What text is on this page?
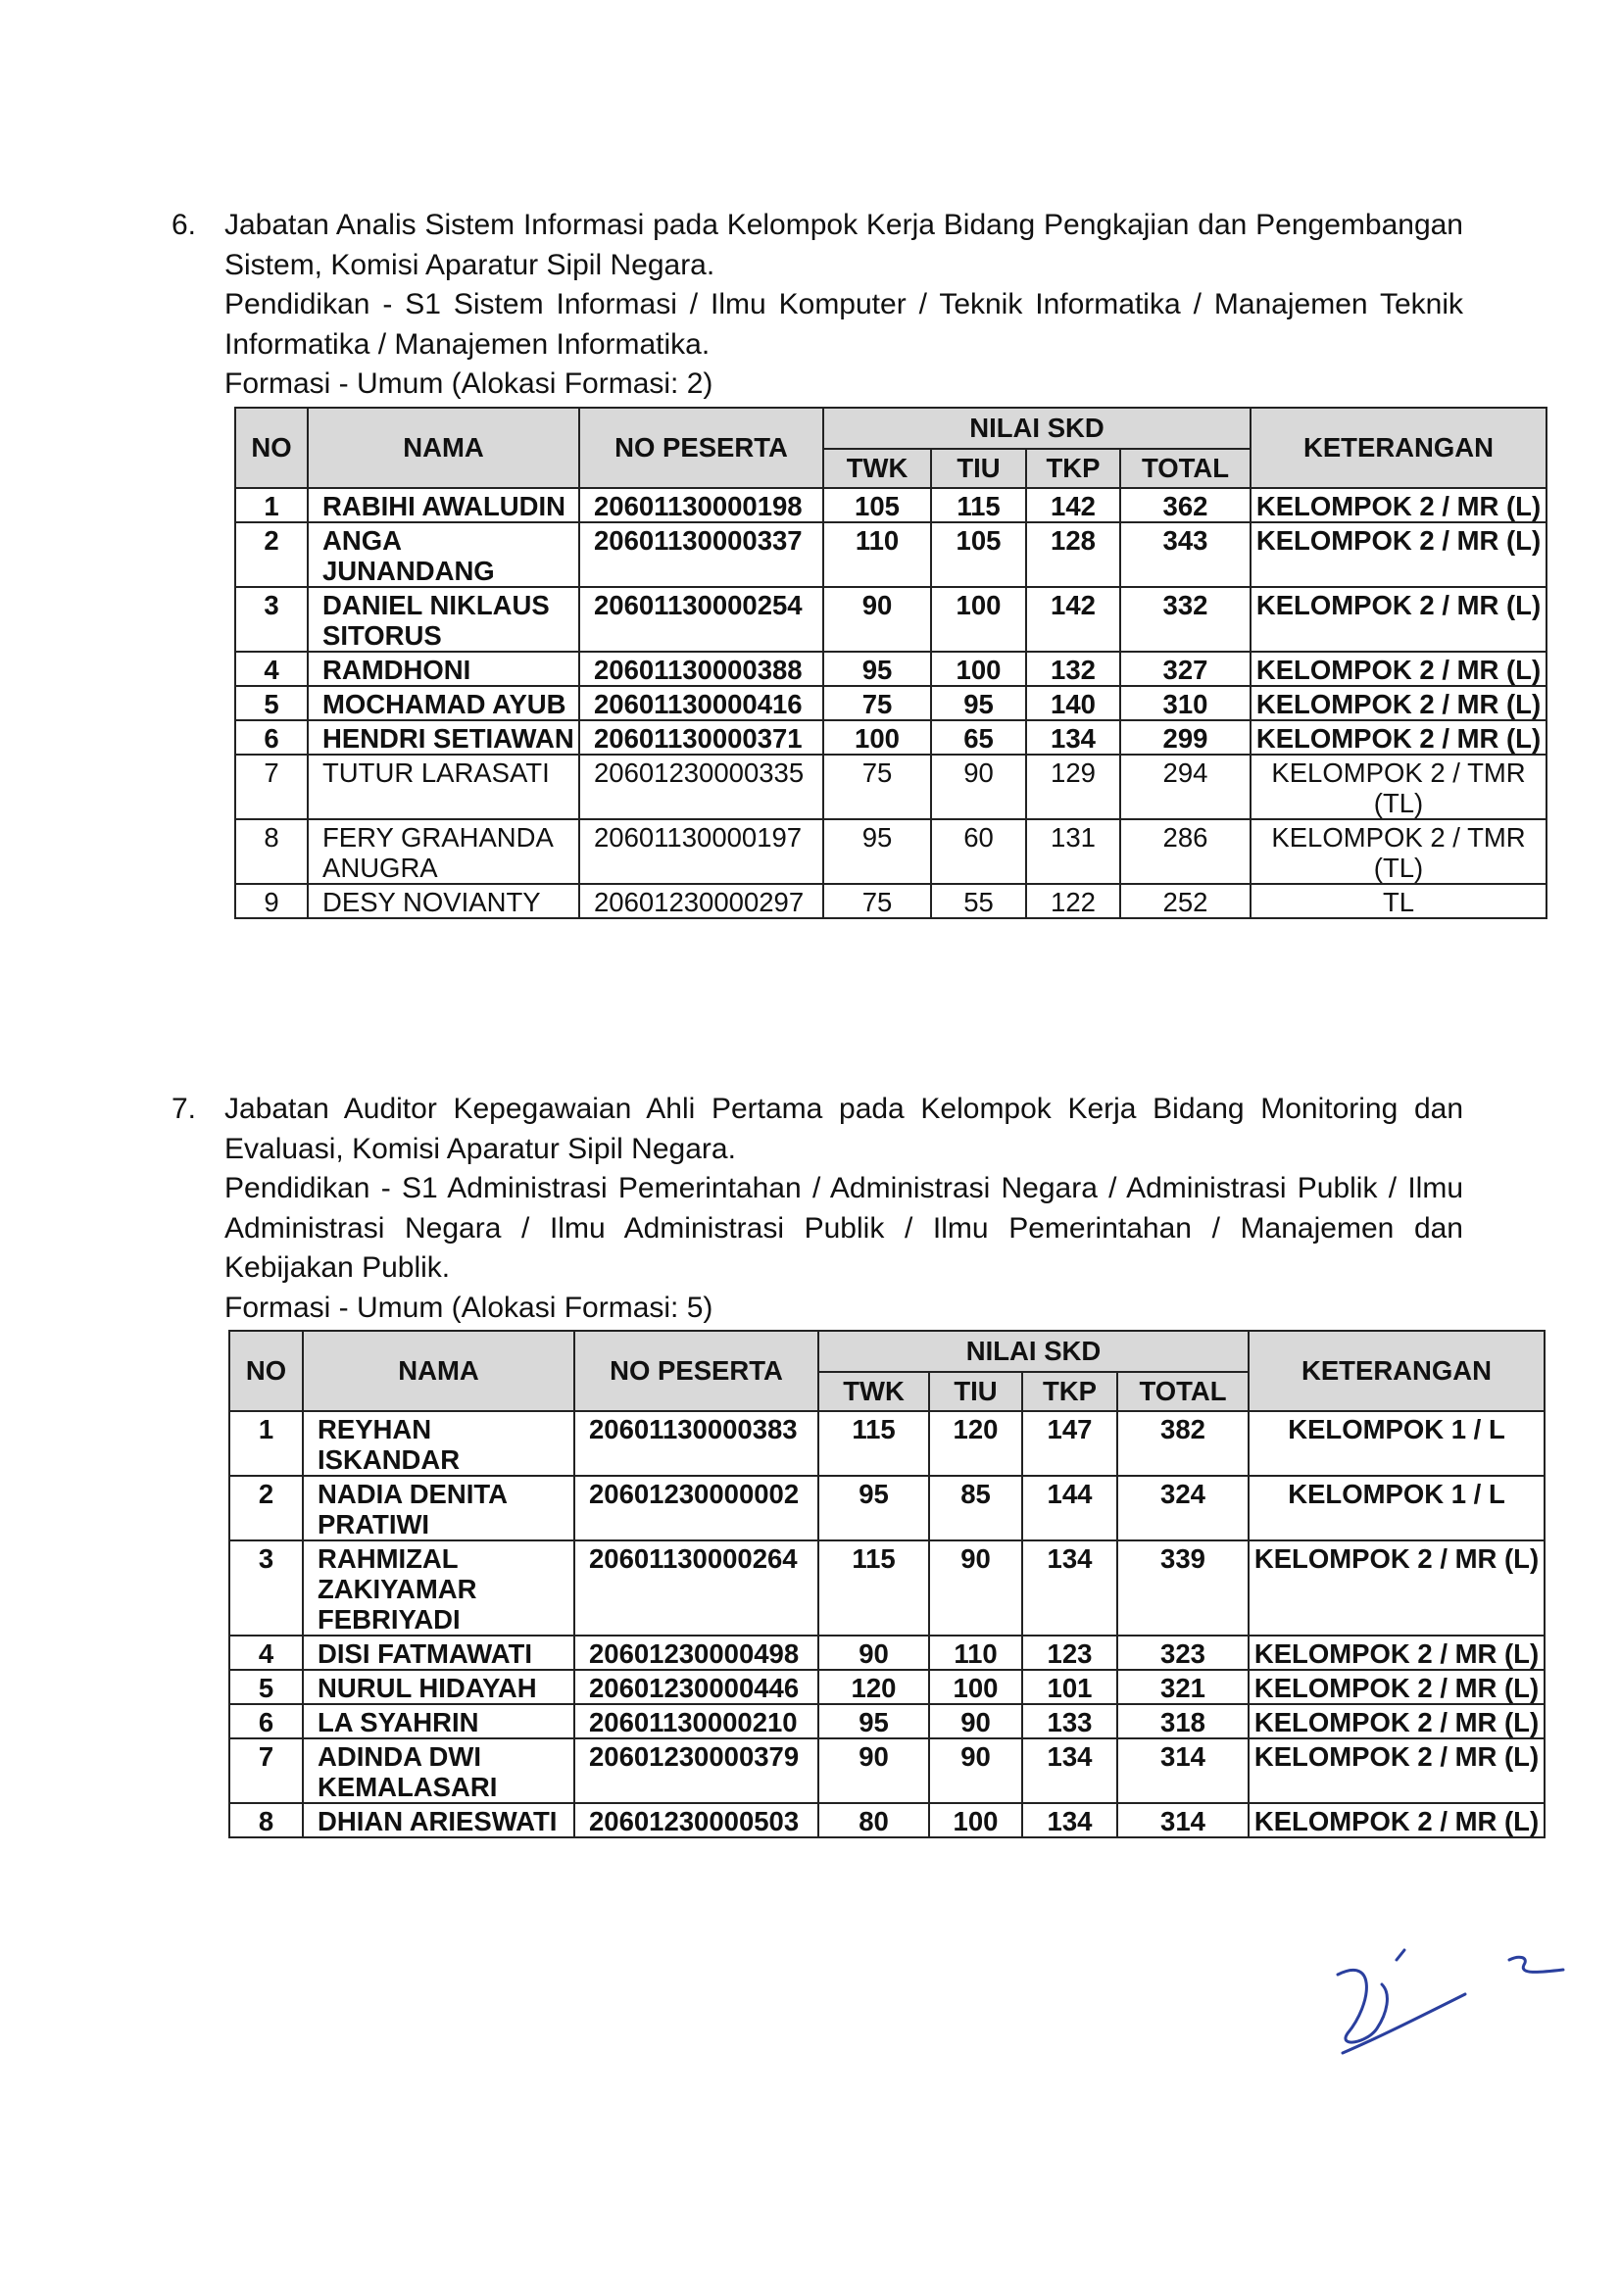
6. Jabatan Analis Sistem Informasi pada Kelompok Kerja Bidang Pengkajian dan Pengembangan Sistem, Komisi Aparatur Sipil Negara.

Pendidikan - S1 Sistem Informasi / Ilmu Komputer / Teknik Informatika / Manajemen Teknik Informatika / Manajemen Informatika.

Formasi - Umum (Alokasi Formasi: 2)

NO	NAMA	NO PESERTA	NILAI SKD				KETERANGAN
			TWK	TIU	TKP	TOTAL	
1	RABIHI AWALUDIN	20601130000198	105	115	142	362	KELOMPOK 2 / MR (L)
2	ANGA JUNANDANG	20601130000337	110	105	128	343	KELOMPOK 2 / MR (L)
3	DANIEL NIKLAUS SITORUS	20601130000254	90	100	142	332	KELOMPOK 2 / MR (L)
4	RAMDHONI	20601130000388	95	100	132	327	KELOMPOK 2 / MR (L)
5	MOCHAMAD AYUB	20601130000416	75	95	140	310	KELOMPOK 2 / MR (L)
6	HENDRI SETIAWAN	20601130000371	100	65	134	299	KELOMPOK 2 / MR (L)
7	TUTUR LARASATI	20601230000335	75	90	129	294	KELOMPOK 2 / TMR (TL)
8	FERY GRAHANDA ANUGRA	20601130000197	95	60	131	286	KELOMPOK 2 / TMR (TL)
9	DESY NOVIANTY	20601230000297	75	55	122	252	TL
7. Jabatan Auditor Kepegawaian Ahli Pertama pada Kelompok Kerja Bidang Monitoring dan Evaluasi, Komisi Aparatur Sipil Negara.

Pendidikan - S1 Administrasi Pemerintahan / Administrasi Negara / Administrasi Publik / Ilmu Administrasi Negara / Ilmu Administrasi Publik / Ilmu Pemerintahan / Manajemen dan Kebijakan Publik.

Formasi - Umum (Alokasi Formasi: 5)

NO	NAMA	NO PESERTA	NILAI SKD				KETERANGAN
			TWK	TIU	TKP	TOTAL	
1	REYHAN ISKANDAR	20601130000383	115	120	147	382	KELOMPOK 1 / L
2	NADIA DENITA PRATIWI	20601230000002	95	85	144	324	KELOMPOK 1 / L
3	RAHMIZAL ZAKIYAMAR FEBRIYADI	20601130000264	115	90	134	339	KELOMPOK 2 / MR (L)
4	DISI FATMAWATI	20601230000498	90	110	123	323	KELOMPOK 2 / MR (L)
5	NURUL HIDAYAH	20601230000446	120	100	101	321	KELOMPOK 2 / MR (L)
6	LA SYAHRIN	20601130000210	95	90	133	318	KELOMPOK 2 / MR (L)
7	ADINDA DWI KEMALASARI	20601230000379	90	90	134	314	KELOMPOK 2 / MR (L)
8	DHIAN ARIESWATI	20601230000503	80	100	134	314	KELOMPOK 2 / MR (L)
